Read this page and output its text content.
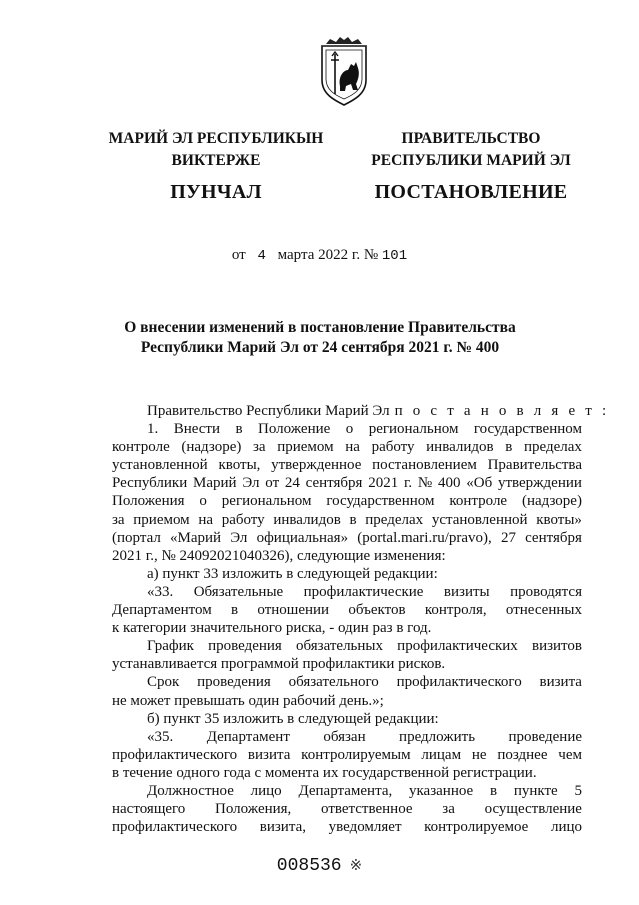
МАРИЙ ЭЛ РЕСПУБЛИКЫН
ВИКТЕРЖЕ
ПУНЧАЛ
ПРАВИТЕЛЬСТВО
РЕСПУБЛИКИ МАРИЙ ЭЛ
ПОСТАНОВЛЕНИЕ
от 4 марта 2022 г. № 101
О внесении изменений в постановление Правительства
Республики Марий Эл от 24 сентября 2021 г. № 400
Правительство Республики Марий Эл п о с т а н о в л я е т :
1. Внести в Положение о региональном государственном
контроле (надзоре) за приемом на работу инвалидов в пределах
установленной квоты, утвержденное постановлением Правительства
Республики Марий Эл от 24 сентября 2021 г. № 400 «Об утверждении
Положения о региональном государственном контроле (надзоре)
за приемом на работу инвалидов в пределах установленной квоты»
(портал «Марий Эл официальная» (portal.mari.ru/pravo), 27 сентября
2021 г., № 24092021040326), следующие изменения:
а) пункт 33 изложить в следующей редакции:
«33. Обязательные профилактические визиты проводятся
Департаментом в отношении объектов контроля, отнесенных
к категории значительного риска, - один раз в год.
График проведения обязательных профилактических визитов
устанавливается программой профилактики рисков.
Срок проведения обязательного профилактического визита
не может превышать один рабочий день.»;
б) пункт 35 изложить в следующей редакции:
«35. Департамент обязан предложить проведение
профилактического визита контролируемым лицам не позднее чем
в течение одного года с момента их государственной регистрации.
Должностное лицо Департамента, указанное в пункте 5
настоящего Положения, ответственное за осуществление
профилактического визита, уведомляет контролируемое лицо
008536 ※
